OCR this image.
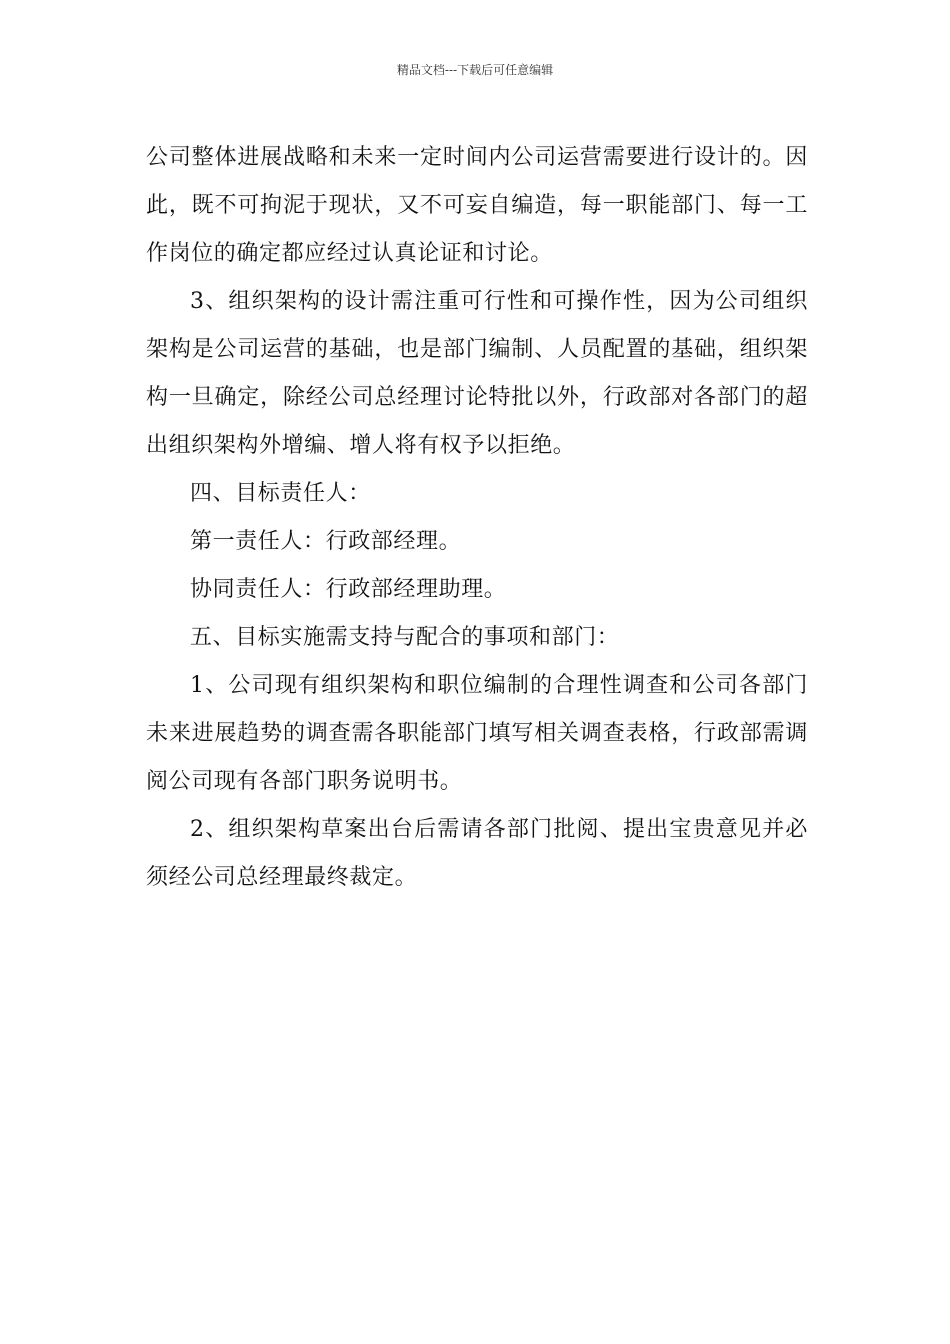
精品文档---下载后可任意编辑

公司整体进展战略和未来一定时间内公司运营需要进行设计的。因此，既不可拘泥于现状，又不可妄自编造，每一职能部门、每一工作岗位的确定都应经过认真论证和讨论。

3、组织架构的设计需注重可行性和可操作性，因为公司组织架构是公司运营的基础，也是部门编制、人员配置的基础，组织架构一旦确定，除经公司总经理讨论特批以外，行政部对各部门的超出组织架构外增编、增人将有权予以拒绝。

四、目标责任人：

第一责任人：行政部经理。

协同责任人：行政部经理助理。

五、目标实施需支持与配合的事项和部门：

1、公司现有组织架构和职位编制的合理性调查和公司各部门未来进展趋势的调查需各职能部门填写相关调查表格，行政部需调阅公司现有各部门职务说明书。

2、组织架构草案出台后需请各部门批阅、提出宝贵意见并必须经公司总经理最终裁定。
